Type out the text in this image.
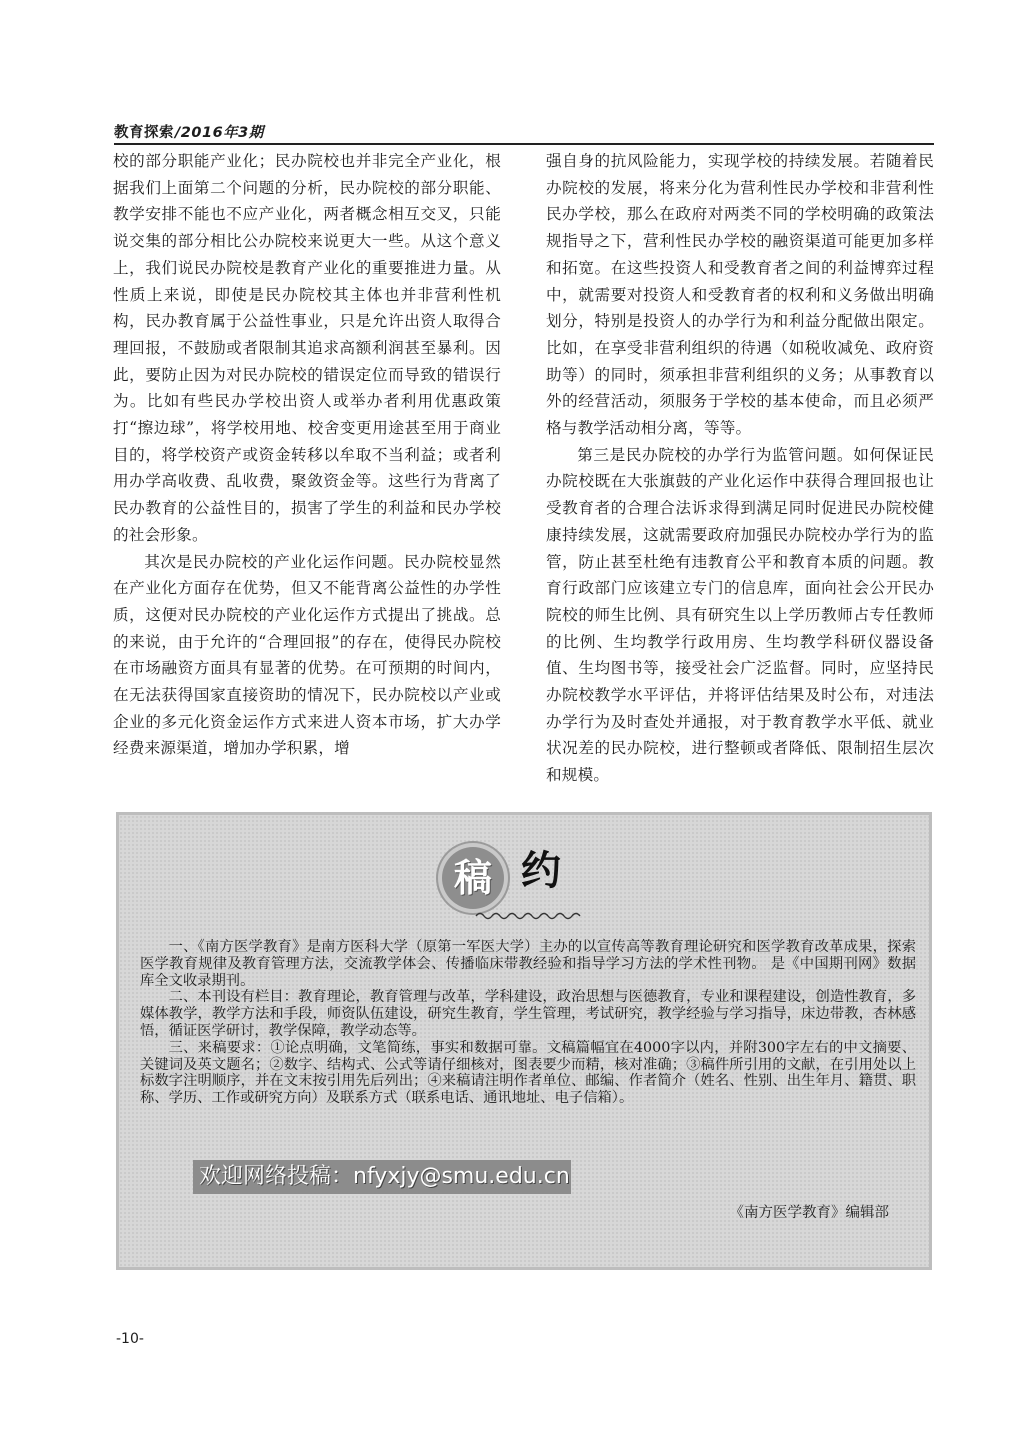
教育探索/2016年3期

校的部分职能产业化；民办院校也并非完全产业化，根据我们上面第二个问题的分析，民办院校的部分职能、教学安排不能也不应产业化，两者概念相互交叉，只能说交集的部分相比公办院校来说更大一些。从这个意义上，我们说民办院校是教育产业化的重要推进力量。从性质上来说，即使是民办院校其主体也并非营利性机构，民办教育属于公益性事业，只是允许出资人取得合理回报，不鼓励或者限制其追求高额利润甚至暴利。因此，要防止因为对民办院校的错误定位而导致的错误行为。比如有些民办学校出资人或举办者利用优惠政策打“擦边球”，将学校用地、校舍变更用途甚至用于商业目的，将学校资产或资金转移以牟取不当利益；或者利用办学高收费、乱收费，聚敛资金等。这些行为背离了民办教育的公益性目的，损害了学生的利益和民办学校的社会形象。

其次是民办院校的产业化运作问题。民办院校显然在产业化方面存在优势，但又不能背离公益性的办学性质，这便对民办院校的产业化运作方式提出了挑战。总的来说，由于允许的“合理回报”的存在，使得民办院校在市场融资方面具有显著的优势。在可预期的时间内，在无法获得国家直接资助的情况下，民办院校以产业或企业的多元化资金运作方式来进人资本市场，扩大办学经费来源渠道，增加办学积累，增

强自身的抗风险能力，实现学校的持续发展。若随着民办院校的发展，将来分化为营利性民办学校和非营利性民办学校，那么在政府对两类不同的学校明确的政策法规指导之下，营利性民办学校的融资渠道可能更加多样和拓宽。在这些投资人和受教育者之间的利益博弈过程中，就需要对投资人和受教育者的权利和义务做出明确划分，特别是投资人的办学行为和利益分配做出限定。比如，在享受非营利组织的待遇（如税收减免、政府资助等）的同时，须承担非营利组织的义务；从事教育以外的经营活动，须服务于学校的基本使命，而且必须严格与教学活动相分离，等等。

第三是民办院校的办学行为监管问题。如何保证民办院校既在大张旗鼓的产业化运作中获得合理回报也让受教育者的合理合法诉求得到满足同时促进民办院校健康持续发展，这就需要政府加强民办院校办学行为的监管，防止甚至杜绝有违教育公平和教育本质的问题。教育行政部门应该建立专门的信息库，面向社会公开民办院校的师生比例、具有研究生以上学历教师占专任教师的比例、生均教学行政用房、生均教学科研仪器设备值、生均图书等，接受社会广泛监督。同时，应坚持民办院校教学水平评估，并将评估结果及时公布，对违法办学行为及时查处并通报，对于教育教学水平低、就业状况差的民办院校，进行整顿或者降低、限制招生层次和规模。

稿 约

一、《南方医学教育》是南方医科大学（原第一军医大学）主办的以宣传高等教育理论研究和医学教育改革成果，探索医学教育规律及教育管理方法，交流教学体会、传播临床带教经验和指导学习方法的学术性刊物。 是《中国期刊网》数据库全文收录期刊。

二、本刊设有栏目：教育理论，教育管理与改革，学科建设，政治思想与医德教育，专业和课程建设，创造性教育，多媒体教学，教学方法和手段，师资队伍建设，研究生教育，学生管理，考试研究，教学经验与学习指导，床边带教，杏林感悟，循证医学研讨，教学保障，教学动态等。

三、来稿要求：①论点明确，文笔简练，事实和数据可靠。文稿篇幅宜在4000字以内，并附300字左右的中文摘要、关键词及英文题名；②数字、结构式、公式等请仔细核对，图表要少而精，核对准确；③稿件所引用的文献，在引用处以上标数字注明顺序，并在文末按引用先后列出；④来稿请注明作者单位、邮编、作者简介（姓名、性别、出生年月、籍贯、职称、学历、工作或研究方向）及联系方式（联系电话、通讯地址、电子信箱）。

欢迎网络投稿：nfyxjy@smu.edu.cn
《南方医学教育》编辑部
-10-
